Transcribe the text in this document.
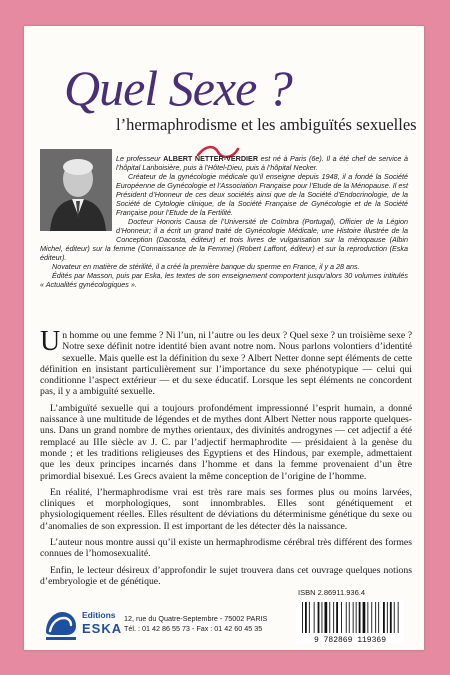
Quel Sexe ?
l’hermaphrodisme et les ambiguïtés sexuelles

Le professeur ALBERT NETTER-VERDIER est né à Paris (6e). Il a été chef de service à l’hôpital Lariboisière, puis à l’Hôtel-Dieu, puis à l’hôpital Necker.

Créateur de la gynécologie médicale qu’il enseigne depuis 1948, il a fondé la Société Européenne de Gynécologie et l’Association Française pour l’Etude de la Ménopause. Il est Président d’Honneur de ces deux sociétés ainsi que de la Société d’Endocrinologie, de la Société de Cytologie clinique, de la Société Française de Gynécologie et de la Société Française pour l’Etude de la Fertilité.

Docteur Honoris Causa de l’Université de Coïmbra (Portugal), Officier de la Légion d’Honneur; il a écrit un grand traité de Gynécologie Médicale, une Histoire illustrée de la Conception (Dacosta, éditeur) et trois livres de vulgarisation sur la ménopause (Albin Michel, éditeur) sur la femme (Connaissance de la Femme) (Robert Laffont, éditeur) et sur la reproduction (Eska éditeur).

Novateur en matière de stérilité, il a créé la première banque du sperme en France, il y a 28 ans.

Édités par Masson, puis par Eska, les textes de son enseignement comportent jusqu’alors 30 volumes intitulés « Actualités gynécologiques ».

Un homme ou une femme ? Ni l’un, ni l’autre ou les deux ? Quel sexe ? un troisième sexe ? Notre sexe définit notre identité bien avant notre nom. Nous parlons volontiers d’identité sexuelle. Mais quelle est la définition du sexe ? Albert Netter donne sept éléments de cette définition en insistant particulièrement sur l’importance du sexe phénotypique — celui qui conditionne l’aspect extérieur — et du sexe éducatif. Lorsque les sept éléments ne concordent pas, il y a ambiguïté sexuelle.

L’ambiguïté sexuelle qui a toujours profondément impressionné l’esprit humain, a donné naissance à une multitude de légendes et de mythes dont Albert Netter nous rapporte quelques-uns. Dans un grand nombre de mythes orientaux, des divinités androgynes — cet adjectif a été remplacé au IIIe siècle av J. C. par l’adjectif hermaphrodite — présidaient à la genèse du monde ; et les traditions religieuses des Egyptiens et des Hindous, par exemple, admettaient que les deux principes incarnés dans l’homme et dans la femme provenaient d’un être primordial bisexué. Les Grecs avaient la même conception de l’origine de l’homme.

En réalité, l’hermaphrodisme vrai est très rare mais ses formes plus ou moins larvées, cliniques et morphologiques, sont innombrables. Elles sont génétiquement et physiologiquement réelles. Elles résultent de déviations du déterminisme génétique du sexe ou d’anomalies de son expression. Il est important de les détecter dès la naissance.

L’auteur nous montre aussi qu’il existe un hermaphrodisme cérébral très différent des formes connues de l’homosexualité.

Enfin, le lecteur désireux d’approfondir le sujet trouvera dans cet ouvrage quelques notions d’embryologie et de génétique.

ISBN 2.86911.936.4
9 782869 119369
Editions
ESKA
12, rue du Quatre-Septembre - 75002 PARIS
Tél. : 01 42 86 55 73 - Fax : 01 42 60 45 35
